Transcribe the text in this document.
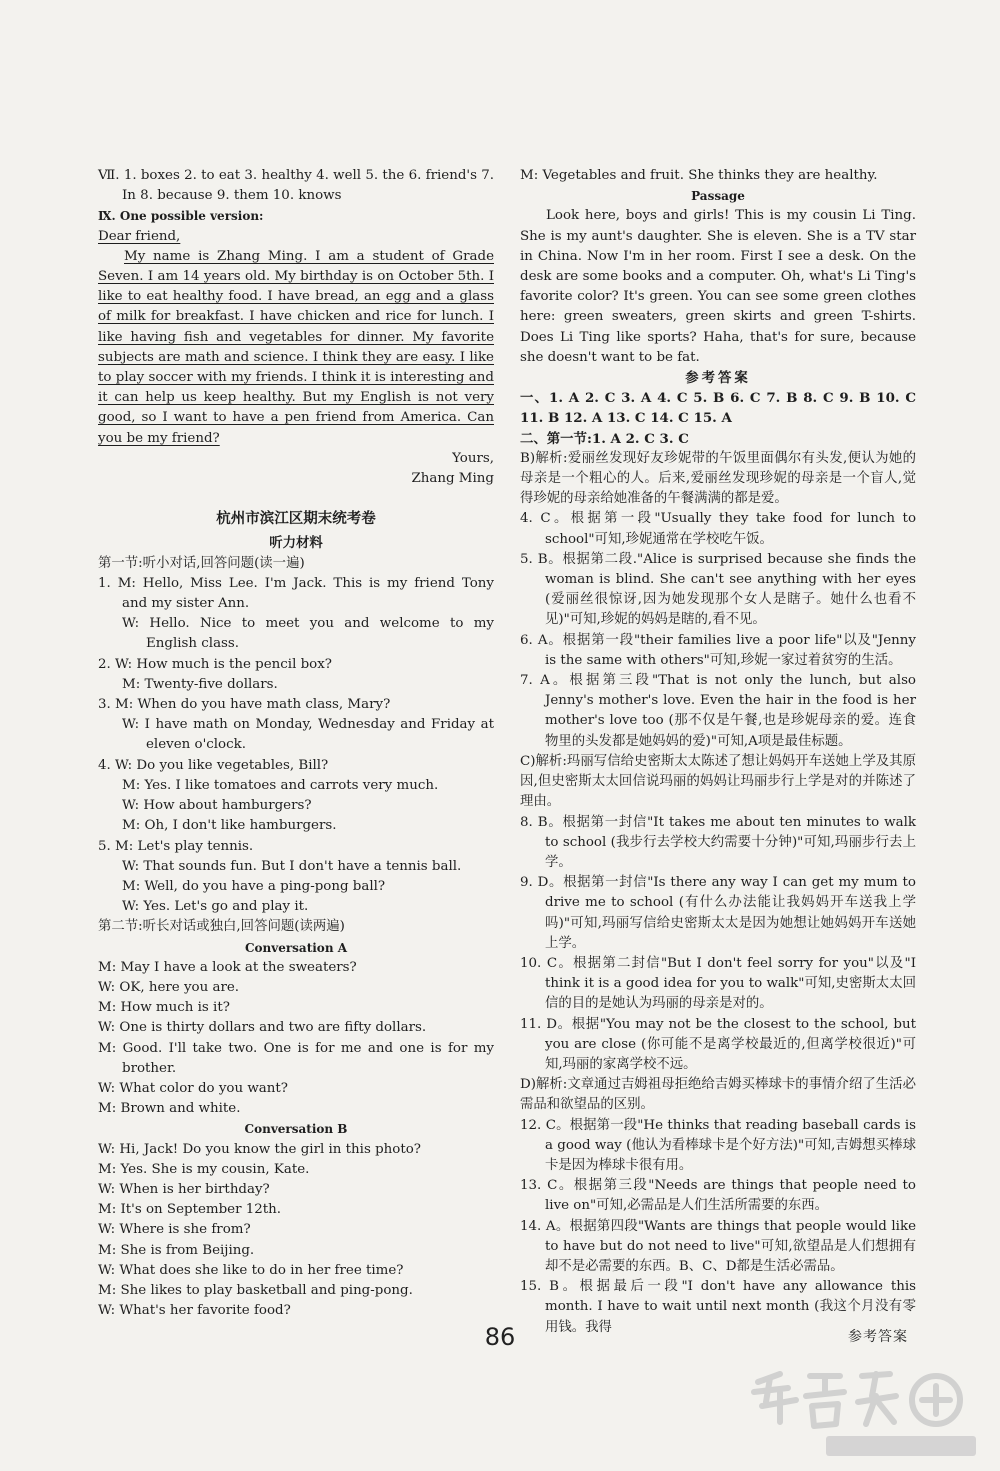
Ⅶ. 1. boxes 2. to eat 3. healthy 4. well 5. the 6. friend's 7. In 8. because 9. them 10. knows

Ⅸ. One possible version:

Dear friend,

My name is Zhang Ming. I am a student of Grade Seven. I am 14 years old. My birthday is on October 5th. I like to eat healthy food. I have bread, an egg and a glass of milk for breakfast. I have chicken and rice for lunch. I like having fish and vegetables for dinner. My favorite subjects are math and science. I think they are easy. I like to play soccer with my friends. I think it is interesting and it can help us keep healthy. But my English is not very good, so I want to have a pen friend from America. Can you be my friend?

Yours,

Zhang Ming

杭州市滨江区期末统考卷

听力材料

第一节:听小对话,回答问题(读一遍)

1. M: Hello, Miss Lee. I'm Jack. This is my friend Tony and my sister Ann.

W: Hello. Nice to meet you and welcome to my English class.

2. W: How much is the pencil box?

M: Twenty-five dollars.

3. M: When do you have math class, Mary?

W: I have math on Monday, Wednesday and Friday at eleven o'clock.

4. W: Do you like vegetables, Bill?

M: Yes. I like tomatoes and carrots very much.

W: How about hamburgers?

M: Oh, I don't like hamburgers.

5. M: Let's play tennis.

W: That sounds fun. But I don't have a tennis ball.

M: Well, do you have a ping-pong ball?

W: Yes. Let's go and play it.

第二节:听长对话或独白,回答问题(读两遍)

Conversation A

M: May I have a look at the sweaters?

W: OK, here you are.

M: How much is it?

W: One is thirty dollars and two are fifty dollars.

M: Good. I'll take two. One is for me and one is for my brother.

W: What color do you want?

M: Brown and white.

Conversation B

W: Hi, Jack! Do you know the girl in this photo?

M: Yes. She is my cousin, Kate.

W: When is her birthday?

M: It's on September 12th.

W: Where is she from?

M: She is from Beijing.

W: What does she like to do in her free time?

M: She likes to play basketball and ping-pong.

W: What's her favorite food?

M: Vegetables and fruit. She thinks they are healthy.

Passage

Look here, boys and girls! This is my cousin Li Ting. She is my aunt's daughter. She is eleven. She is a TV star in China. Now I'm in her room. First I see a desk. On the desk are some books and a computer. Oh, what's Li Ting's favorite color? It's green. You can see some green clothes here: green sweaters, green skirts and green T-shirts. Does Li Ting like sports? Haha, that's for sure, because she doesn't want to be fat.

参考答案

一、1. A 2. C 3. A 4. C 5. B 6. C 7. B 8. C 9. B 10. C 11. B 12. A 13. C 14. C 15. A

二、第一节:1. A 2. C 3. C

B)解析:爱丽丝发现好友珍妮带的午饭里面偶尔有头发,便认为她的母亲是一个粗心的人。后来,爱丽丝发现珍妮的母亲是一个盲人,觉得珍妮的母亲给她准备的午餐满满的都是爱。

4. C。根据第一段"Usually they take food for lunch to school"可知,珍妮通常在学校吃午饭。

5. B。根据第二段."Alice is surprised because she finds the woman is blind. She can't see anything with her eyes (爱丽丝很惊讶,因为她发现那个女人是瞎子。她什么也看不见)"可知,珍妮的妈妈是瞎的,看不见。

6. A。根据第一段"their families live a poor life"以及"Jenny is the same with others"可知,珍妮一家过着贫穷的生活。

7. A。根据第三段"That is not only the lunch, but also Jenny's mother's love. Even the hair in the food is her mother's love too (那不仅是午餐,也是珍妮母亲的爱。连食物里的头发都是她妈妈的爱)"可知,A项是最佳标题。

C)解析:玛丽写信给史密斯太太陈述了想让妈妈开车送她上学及其原因,但史密斯太太回信说玛丽的妈妈让玛丽步行上学是对的并陈述了理由。

8. B。根据第一封信"It takes me about ten minutes to walk to school (我步行去学校大约需要十分钟)"可知,玛丽步行去上学。

9. D。根据第一封信"Is there any way I can get my mum to drive me to school (有什么办法能让我妈妈开车送我上学吗)"可知,玛丽写信给史密斯太太是因为她想让她妈妈开车送她上学。

10. C。根据第二封信"But I don't feel sorry for you"以及"I think it is a good idea for you to walk"可知,史密斯太太回信的目的是她认为玛丽的母亲是对的。

11. D。根据"You may not be the closest to the school, but you are close (你可能不是离学校最近的,但离学校很近)"可知,玛丽的家离学校不远。

D)解析:文章通过吉姆祖母拒绝给吉姆买棒球卡的事情介绍了生活必需品和欲望品的区别。

12. C。根据第一段"He thinks that reading baseball cards is a good way (他认为看棒球卡是个好方法)"可知,吉姆想买棒球卡是因为棒球卡很有用。

13. C。根据第三段"Needs are things that people need to live on"可知,必需品是人们生活所需要的东西。

14. A。根据第四段"Wants are things that people would like to have but do not need to live"可知,欲望品是人们想拥有却不是必需要的东西。B、C、D都是生活必需品。

15. B。根据最后一段"I don't have any allowance this month. I have to wait until next month (我这个月没有零用钱。我得

86	参考答案
